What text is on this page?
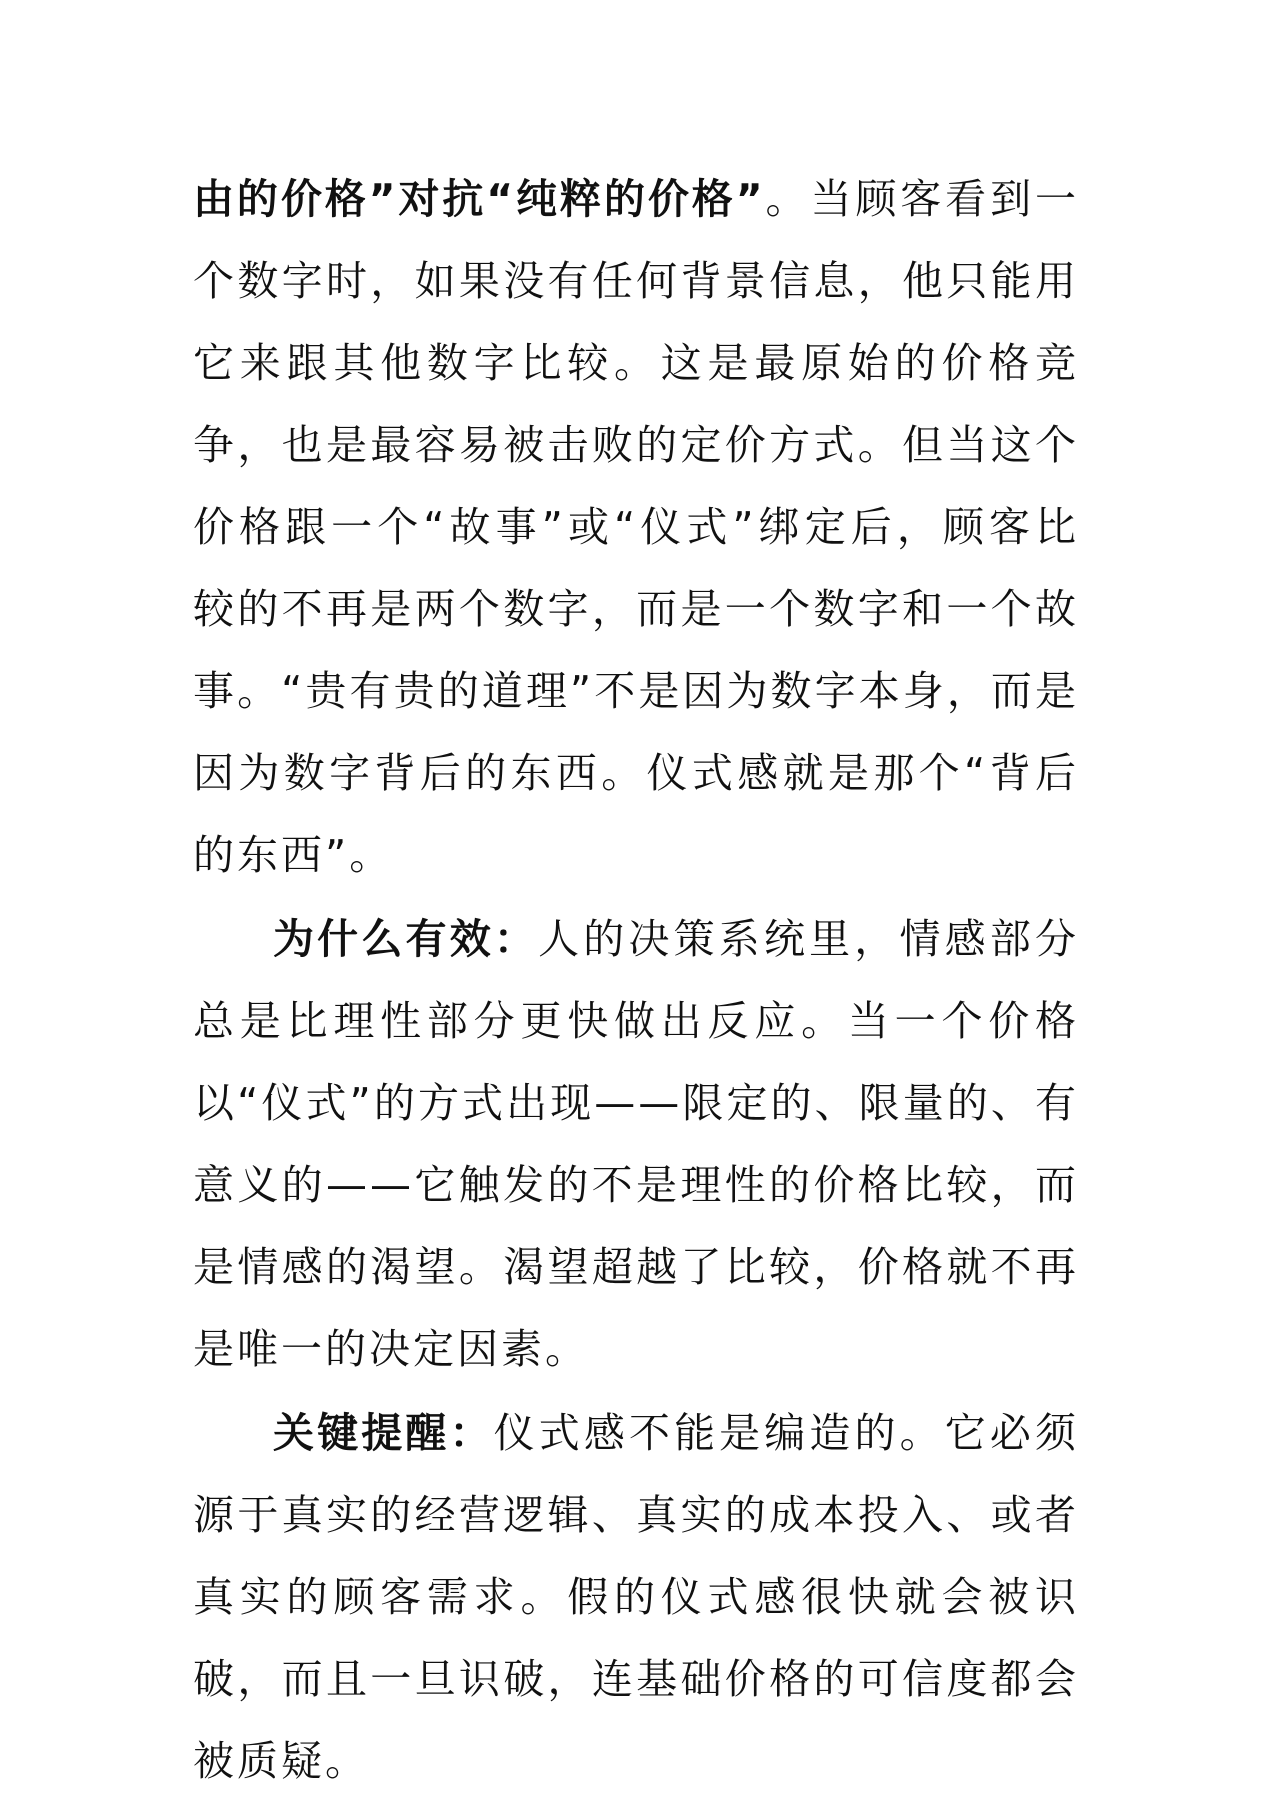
由的价格”对抗“纯粹的价格”。当顾客看到一个数字时，如果没有任何背景信息，他只能用它来跟其他数字比较。这是最原始的价格竞争，也是最容易被击败的定价方式。但当这个价格跟一个“故事”或“仪式”绑定后，顾客比较的不再是两个数字，而是一个数字和一个故事。“贵有贵的道理”不是因为数字本身，而是因为数字背后的东西。仪式感就是那个“背后的东西”。

为什么有效：人的决策系统里，情感部分总是比理性部分更快做出反应。当一个价格以“仪式”的方式出现——限定的、限量的、有意义的——它触发的不是理性的价格比较，而是情感的渴望。渴望超越了比较，价格就不再是唯一的决定因素。

关键提醒：仪式感不能是编造的。它必须源于真实的经营逻辑、真实的成本投入、或者真实的顾客需求。假的仪式感很快就会被识破，而且一旦识破，连基础价格的可信度都会被质疑。
